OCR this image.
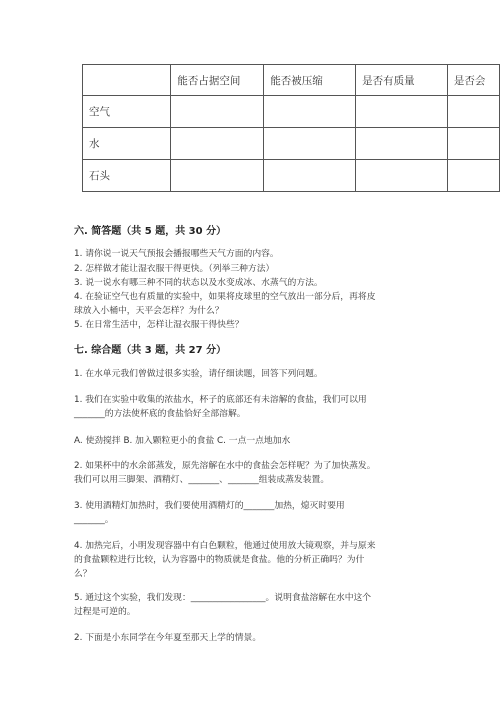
	能否占据空间	能否被压缩	是否有质量	是否会
空气				
水				
石头				
六. 简答题（共 5 题，共 30 分）
1. 请你说一说天气预报会播报哪些天气方面的内容。
2. 怎样做才能让湿衣服干得更快。（列举三种方法）
3. 说一说水有哪三种不同的状态以及水变成冰、水蒸气的方法。
4. 在验证空气也有质量的实验中，如果将皮球里的空气放出一部分后，再将皮
球放入小桶中，天平会怎样？为什么？
5. 在日常生活中，怎样让湿衣服干得快些？
七. 综合题（共 3 题，共 27 分）
1. 在水单元我们曾做过很多实验，请仔细读题，回答下列问题。
1. 我们在实验中收集的浓盐水，杯子的底部还有未溶解的食盐，我们可以用
_______的方法使杯底的食盐恰好全部溶解。
A. 使劲搅拌 B. 加入颗粒更小的食盐 C. 一点一点地加水
2. 如果杯中的水余部蒸发，原先溶解在水中的食盐会怎样呢？为了加快蒸发。
我们可以用三脚架、酒精灯、_______、_______组装成蒸发装置。
3. 使用酒精灯加热时，我们要使用酒精灯的_______加热，熄灭时要用
_______。
4. 加热完后，小明发现容器中有白色颗粒，他通过使用放大镜观察，并与原来
的食盐颗粒进行比较，认为容器中的物质就是食盐。他的分析正确吗？为什
么？
5. 通过这个实验，我们发现：_________________。说明食盐溶解在水中这个
过程是可逆的。
2. 下面是小东同学在今年夏至那天上学的情景。
